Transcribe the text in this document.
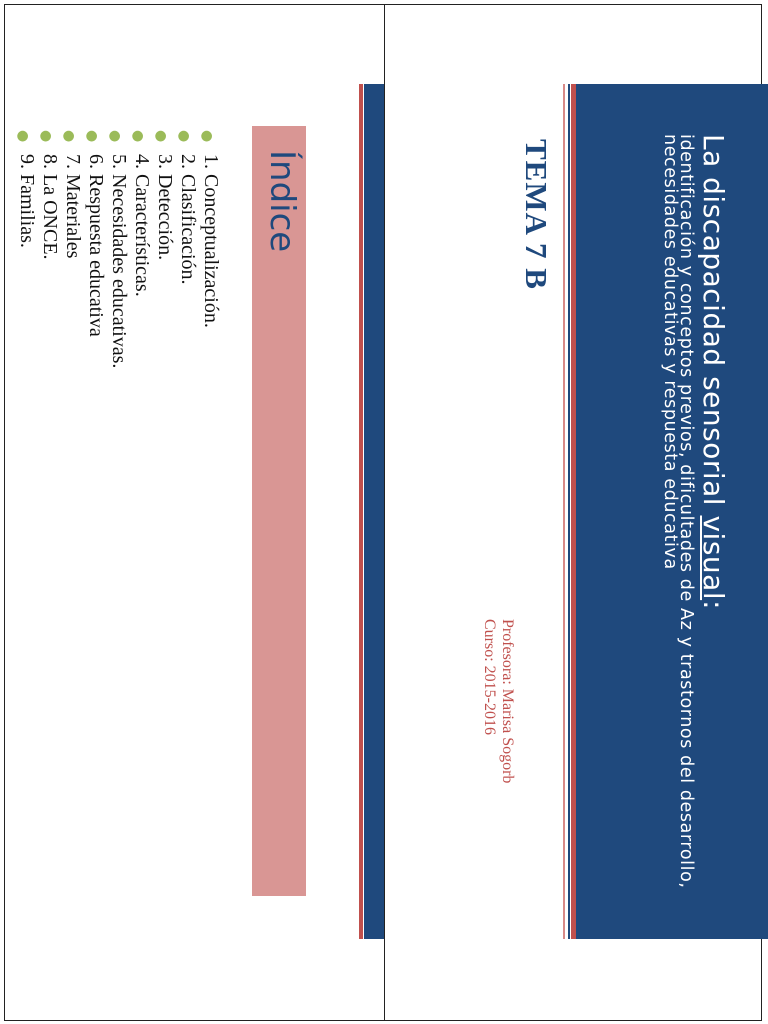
La discapacidad sensorial visual:
identificación y conceptos previos, dificultades de Az y trastornos del desarrollo, necesidades educativas y respuesta educativa
TEMA 7 B
Profesora: Marisa Sogorb
Curso: 2015-2016
Índice
●
1. Conceptualización.
●
2. Clasificación.
●
3. Detección.
●
4. Características.
●
5. Necesidades educativas.
●
6. Respuesta educativa
●
7. Materiales
●
8. La ONCE.
●
9. Familias.
